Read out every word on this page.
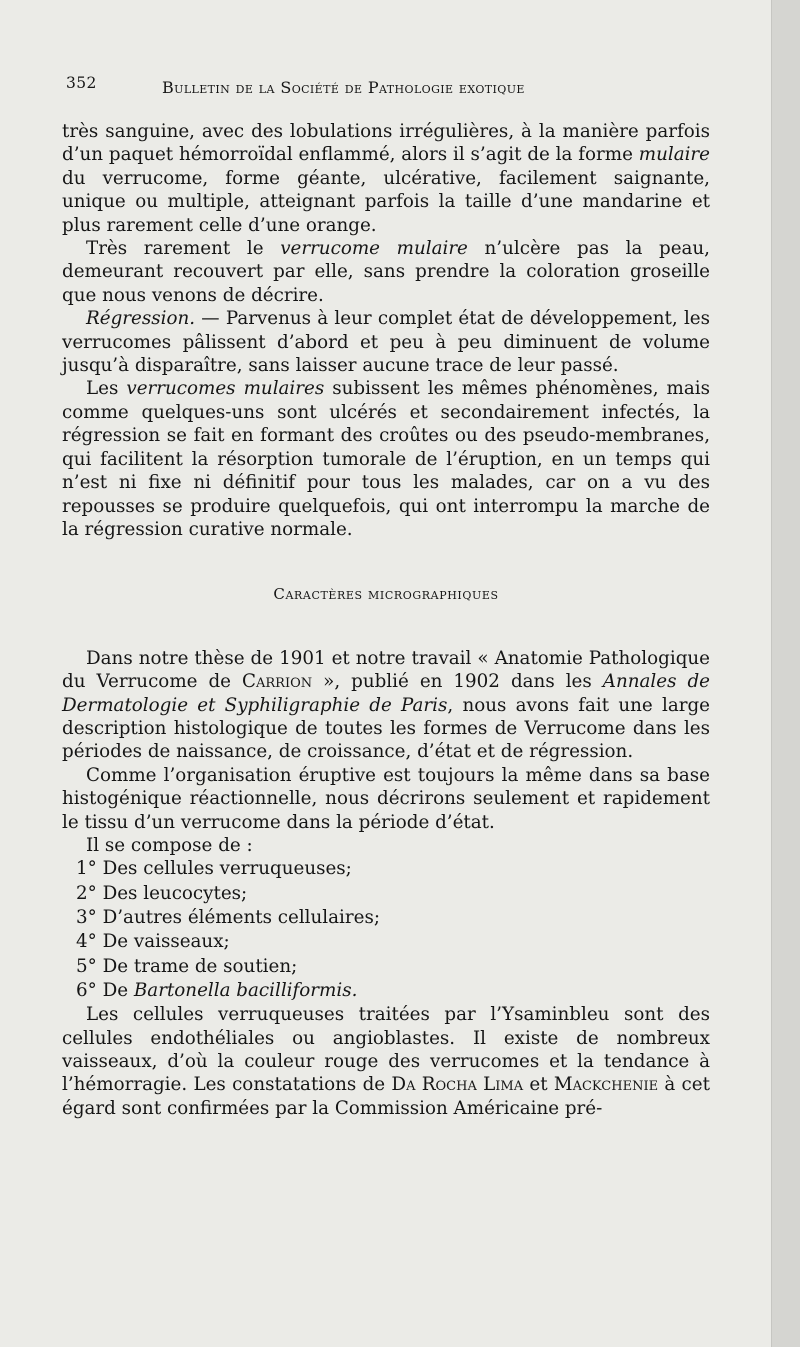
352	Bulletin de la Société de Pathologie exotique

très sanguine, avec des lobulations irrégulières, à la manière parfois d’un paquet hémorroïdal enflammé, alors il s’agit de la forme mulaire du verrucome, forme géante, ulcérative, facilement saignante, unique ou multiple, atteignant parfois la taille d’une mandarine et plus rarement celle d’une orange.

Très rarement le verrucome mulaire n’ulcère pas la peau, demeurant recouvert par elle, sans prendre la coloration groseille que nous venons de décrire.

Régression. — Parvenus à leur complet état de développement, les verrucomes pâlissent d’abord et peu à peu diminuent de volume jusqu’à disparaître, sans laisser aucune trace de leur passé.

Les verrucomes mulaires subissent les mêmes phénomènes, mais comme quelques-uns sont ulcérés et secondairement infectés, la régression se fait en formant des croûtes ou des pseudo-membranes, qui facilitent la résorption tumorale de l’éruption, en un temps qui n’est ni fixe ni définitif pour tous les malades, car on a vu des repousses se produire quelquefois, qui ont interrompu la marche de la régression curative normale.

Caractères micrographiques

Dans notre thèse de 1901 et notre travail « Anatomie Pathologique du Verrucome de Carrion », publié en 1902 dans les Annales de Dermatologie et Syphiligraphie de Paris, nous avons fait une large description histologique de toutes les formes de Verrucome dans les périodes de naissance, de croissance, d’état et de régression.

Comme l’organisation éruptive est toujours la même dans sa base histogénique réactionnelle, nous décrirons seulement et rapidement le tissu d’un verrucome dans la période d’état.

Il se compose de :

1° Des cellules verruqueuses;
2° Des leucocytes;
3° D’autres éléments cellulaires;
4° De vaisseaux;
5° De trame de soutien;
6° De Bartonella bacilliformis.

Les cellules verruqueuses traitées par l’Ysaminbleu sont des cellules endothéliales ou angioblastes. Il existe de nombreux vaisseaux, d’où la couleur rouge des verrucomes et la tendance à l’hémorragie. Les constatations de Da Rocha Lima et Mackchenie à cet égard sont confirmées par la Commission Américaine pré-
